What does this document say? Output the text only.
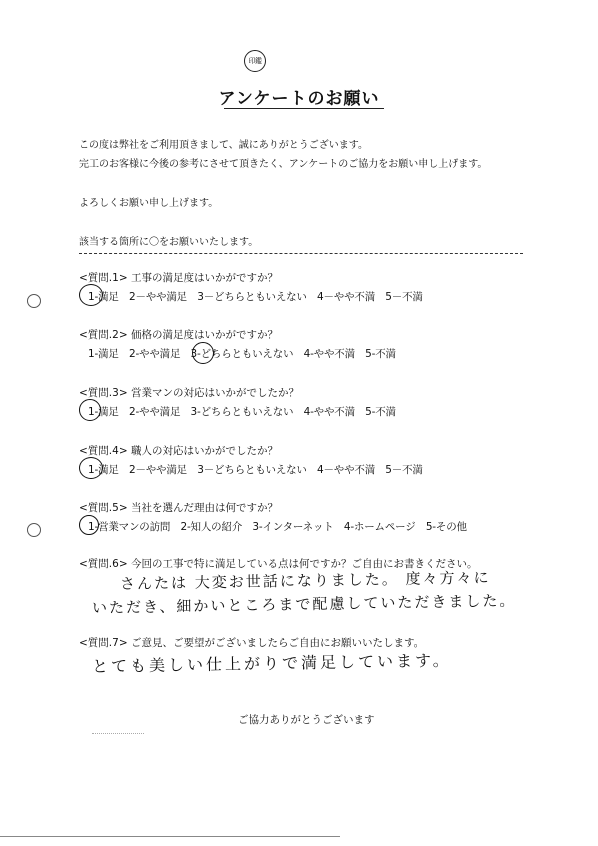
印鑑
アンケートのお願い
この度は弊社をご利用頂きまして、誠にありがとうございます。
完工のお客様に今後の参考にさせて頂きたく、アンケートのご協力をお願い申し上げます。
よろしくお願い申し上げます。
該当する箇所に〇をお願いいたします。
<質問.1> 工事の満足度はいかがですか？
1-満足　2－やや満足　3－どちらともいえない　4－やや不満　5－不満
<質問.2> 価格の満足度はいかがですか？
1-満足　2-やや満足　3-どちらともいえない　4-やや不満　5-不満
<質問.3> 営業マンの対応はいかがでしたか？
1-満足　2-やや満足　3-どちらともいえない　4-やや不満　5-不満
<質問.4> 職人の対応はいかがでしたか？
1-満足　2－やや満足　3－どちらともいえない　4－やや不満　5－不満
<質問.5> 当社を選んだ理由は何ですか？
1-営業マンの訪問　2-知人の紹介　3-インターネット　4-ホームページ　5-その他
<質問.6> 今回の工事で特に満足している点は何ですか？ご自由にお書きください。
さんたは 大変お世話になりました。 度々方々に
いただき、細かいところまで配慮していただきました。
<質問.7> ご意見、ご要望がございましたらご自由にお願いいたします。
とても美しい仕上がりで満足しています。
ご協力ありがとうございます
